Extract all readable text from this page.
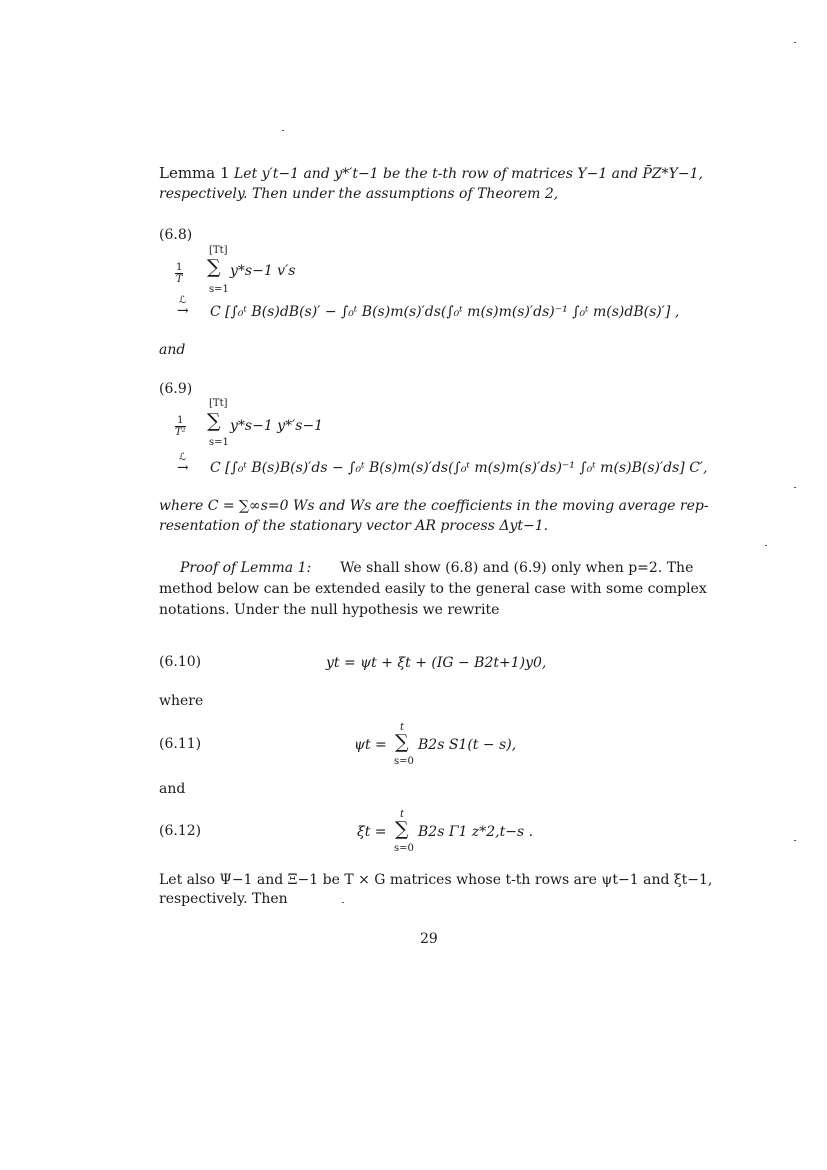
Lemma 1 Let y′t−1 and y*′t−1 be the t-th row of matrices Y−1 and P̄Z*Y−1,
respectively. Then under the assumptions of Theorem 2,
(6.8)
[Tt]
$\frac{1}{T}$ ∑ y*s−1 v′s
s=1
ℒ
→ C [∫₀ᵗ B(s)dB(s)′ − ∫₀ᵗ B(s)m(s)′ds(∫₀ᵗ m(s)m(s)′ds)⁻¹ ∫₀ᵗ m(s)dB(s)′] ,
and
(6.9)
[Tt]
$\frac{1}{\text{T²}}$ ∑ y*s−1 y*′s−1
s=1
ℒ
→ C [∫₀ᵗ B(s)B(s)′ds − ∫₀ᵗ B(s)m(s)′ds(∫₀ᵗ m(s)m(s)′ds)⁻¹ ∫₀ᵗ m(s)B(s)′ds] C′,
where C = ∑∞s=0 Ws and Ws are the coefficients in the moving average rep-
resentation of the stationary vector AR process Δyt−1.
Proof of Lemma 1: We shall show (6.8) and (6.9) only when p=2. The
method below can be extended easily to the general case with some complex
notations. Under the null hypothesis we rewrite
(6.10)	yt = ψt + ξt + (IG − B2t+1)y0,
where
(6.11)	ψt =
t
∑
s=0
B2s S1(t − s),
and
(6.12)	ξt =
t
∑
s=0
B2s Γ1 z*2,t−s .
Let also Ψ−1 and Ξ−1 be T × G matrices whose t-th rows are ψt−1 and ξt−1,
respectively. Then
29
